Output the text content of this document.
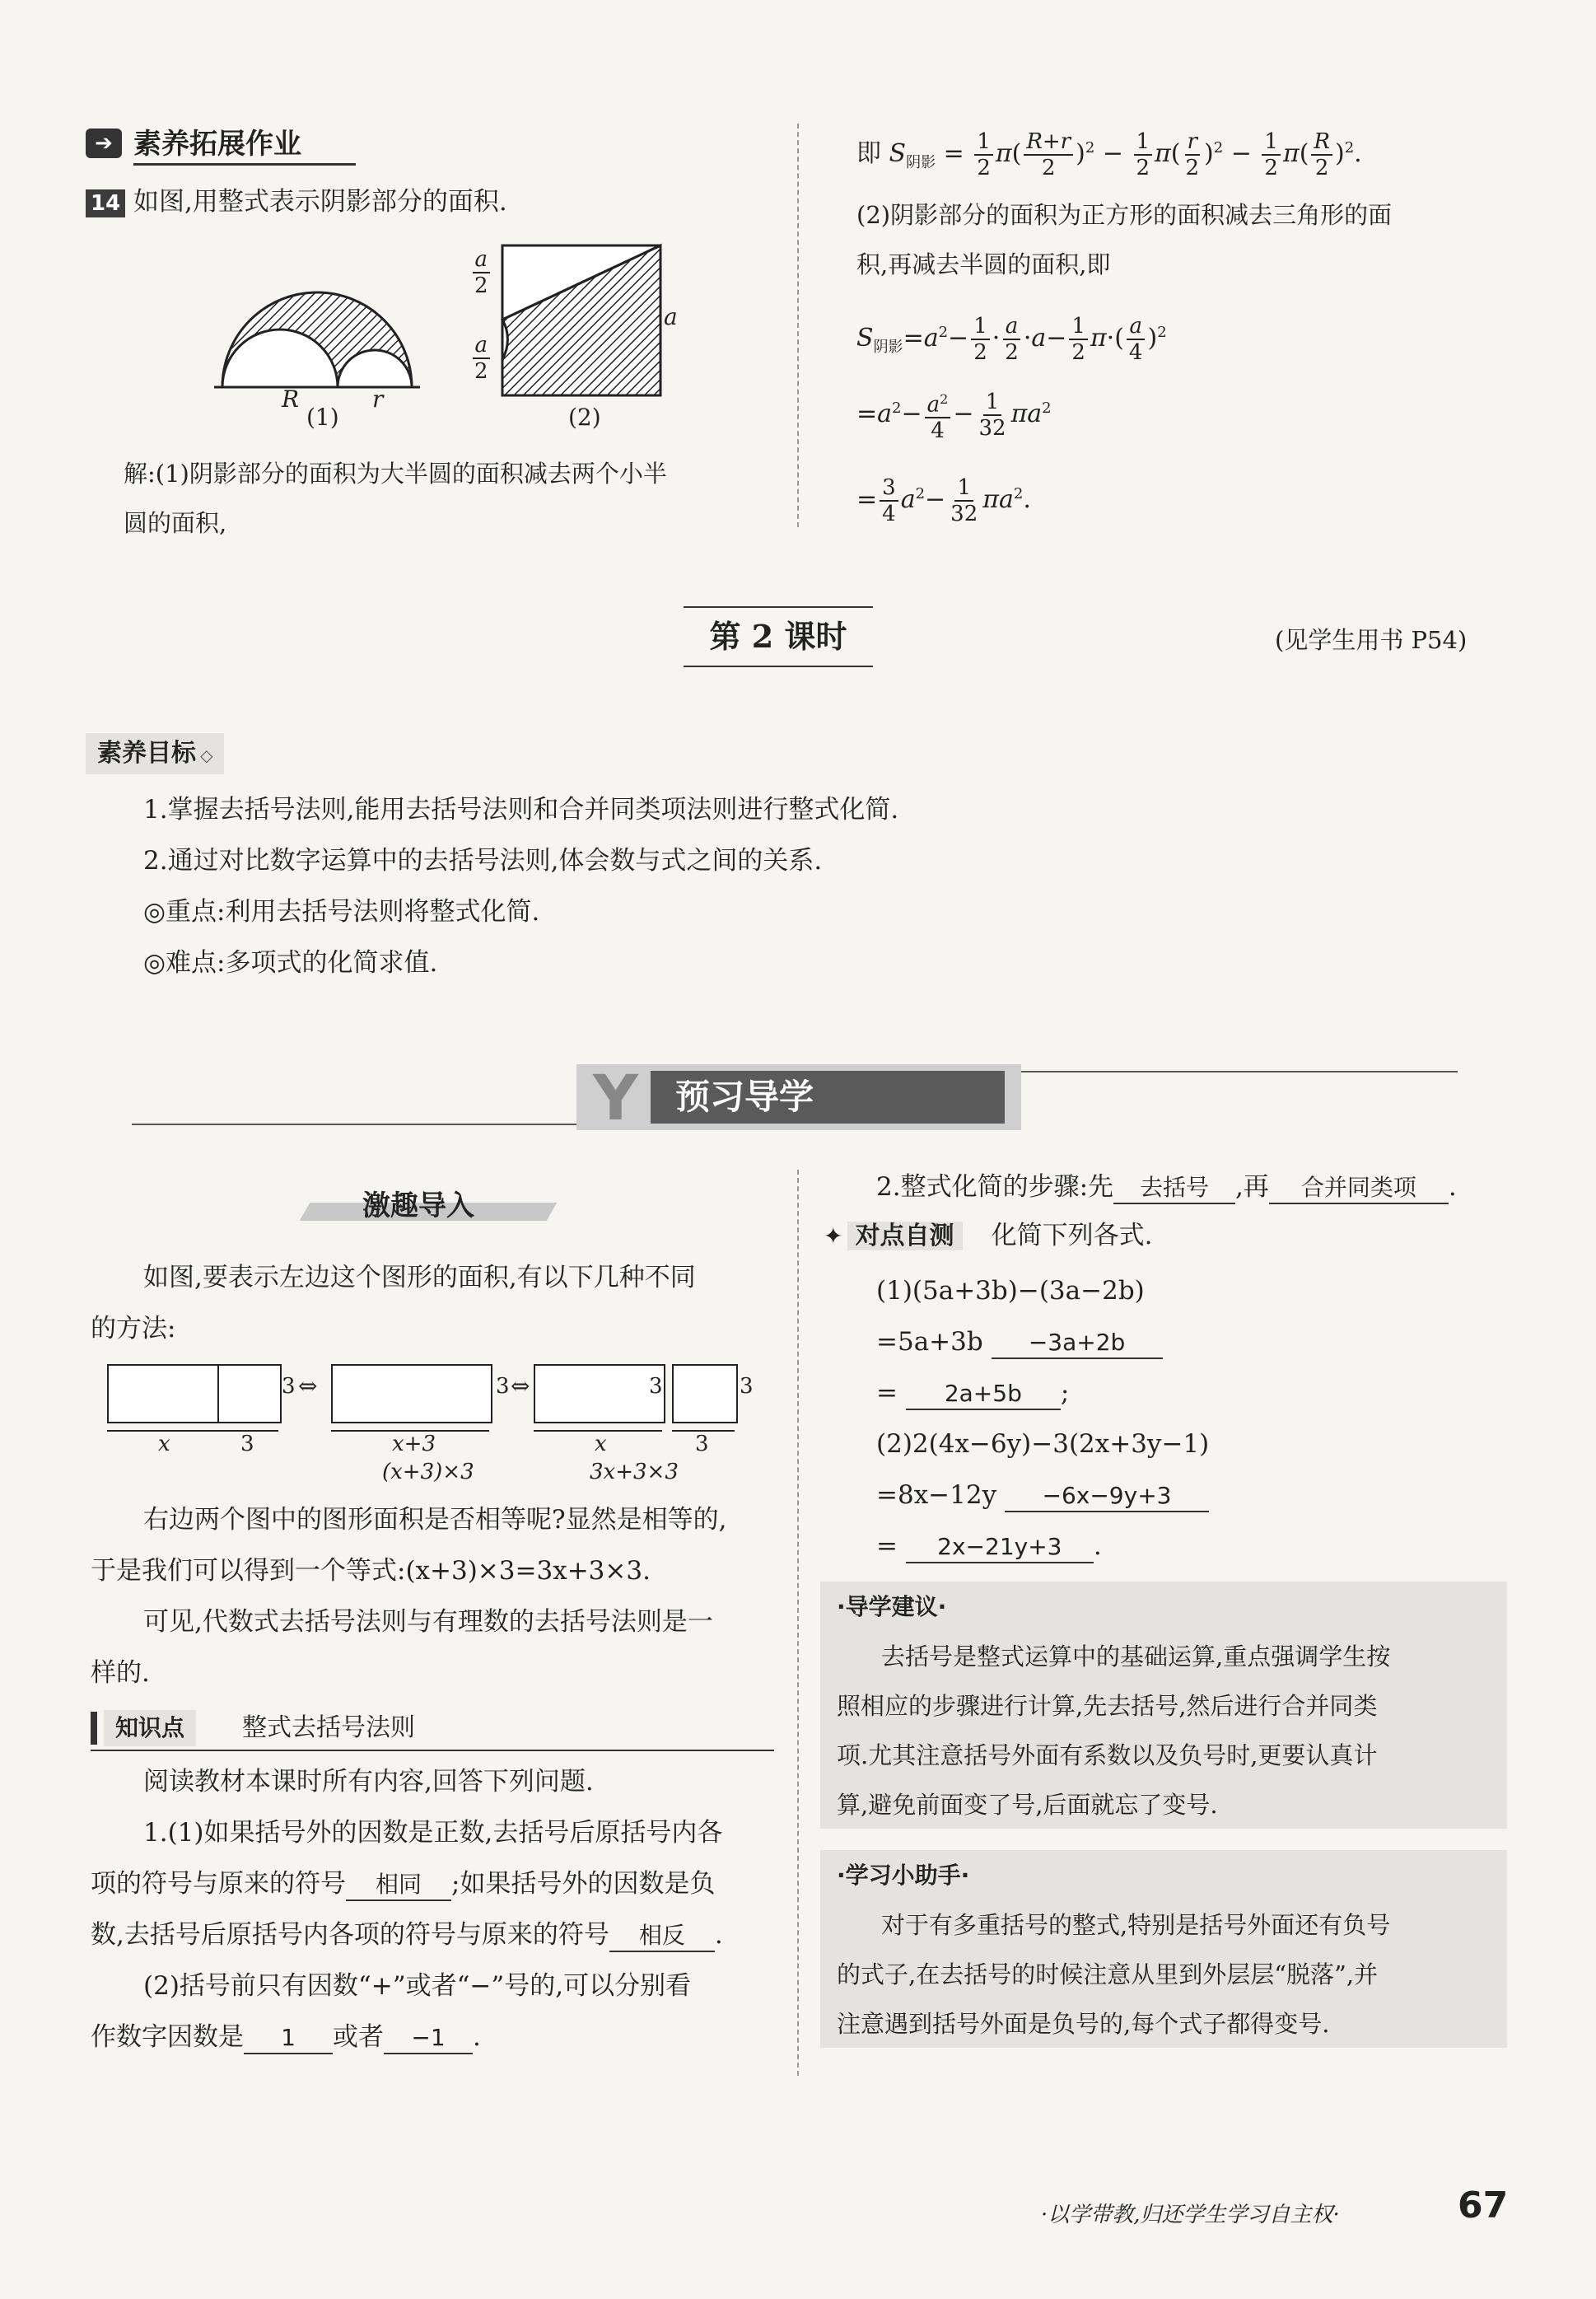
➔ 素养拓展作业
14 如图,用整式表示阴影部分的面积.
R	r
(1)
$\frac{a}{2}$
$\frac{a}{2}$
a
(2)
解:(1)阴影部分的面积为大半圆的面积减去两个小半
圆的面积,
即 $S_{阴影} = \frac{1}{2} \pi( \frac{R+r}{2} )^2 - \frac{1}{2} \pi( \frac{r}{2} )^2 - \frac{1}{2} \pi( \frac{R}{2} )^2$.
(2)阴影部分的面积为正方形的面积减去三角形的面
积,再减去半圆的面积,即
$S_{阴影}=a^2- \frac{1}{2} \cdot \frac{a}{2} \cdot a- \frac{1}{2} \pi\cdot( \frac{a}{4} )^2$
$=a^2- \frac{a^2}{4} - \frac{1}{32} \pi a^2$
= $\frac{3}{4} a^2- \frac{1}{32} \pi a^2$.
第 2 课时	(见学生用书 P54)
素养目标 ◇
1.掌握去括号法则,能用去括号法则和合并同类项法则进行整式化简.
2.通过对比数字运算中的去括号法则,体会数与式之间的关系.
◎重点:利用去括号法则将整式化简.
◎难点:多项式的化简求值.
Y 预习导学
激趣导入
如图,要表示左边这个图形的面积,有以下几种不同
的方法:
3 ⇔	3 ⇔	3	3
x	3	x+3	x	3
(x+3)×3	3x+3×3
右边两个图中的图形面积是否相等呢?显然是相等的,
于是我们可以得到一个等式:(x+3)×3=3x+3×3.
可见,代数式去括号法则与有理数的去括号法则是一
样的.
知识点	整式去括号法则
阅读教材本课时所有内容,回答下列问题.
1.(1)如果括号外的因数是正数,去括号后原括号内各
项的符号与原来的符号 相同 ;如果括号外的因数是负
数,去括号后原括号内各项的符号与原来的符号 相反 .
(2)括号前只有因数“+”或者“−”号的,可以分别看
作数字因数是 1 或者 −1 .
2.整式化简的步骤:先 去括号 ,再 合并同类项 .
✦ 对点自测 化简下列各式.
(1)(5a+3b)−(3a−2b)
=5a+3b −3a+2b
= 2a+5b ;
(2)2(4x−6y)−3(2x+3y−1)
=8x−12y −6x−9y+3
= 2x−21y+3 .
·导学建议·
去括号是整式运算中的基础运算,重点强调学生按
照相应的步骤进行计算,先去括号,然后进行合并同类
项.尤其注意括号外面有系数以及负号时,更要认真计
算,避免前面变了号,后面就忘了变号.
·学习小助手·
对于有多重括号的整式,特别是括号外面还有负号
的式子,在去括号的时候注意从里到外层层“脱落”,并
注意遇到括号外面是负号的,每个式子都得变号.
·以学带教,归还学生学习自主权·	67
